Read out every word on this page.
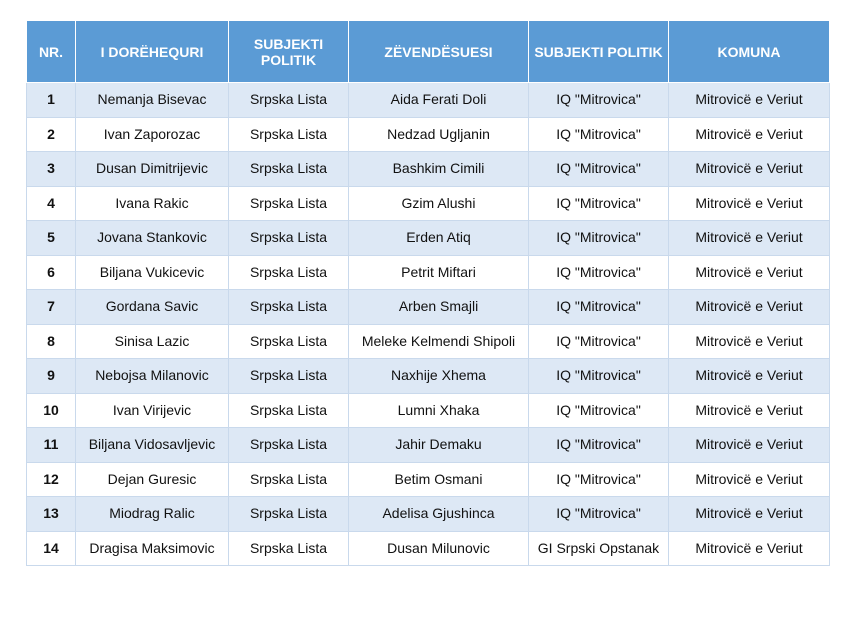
NR.	I DORËHEQURI	SUBJEKTI POLITIK	ZËVENDËSUESI	SUBJEKTI POLITIK	KOMUNA
1	Nemanja Bisevac	Srpska Lista	Aida Ferati Doli	IQ "Mitrovica"	Mitrovicë e Veriut
2	Ivan Zaporozac	Srpska Lista	Nedzad Ugljanin	IQ "Mitrovica"	Mitrovicë e Veriut
3	Dusan Dimitrijevic	Srpska Lista	Bashkim Cimili	IQ "Mitrovica"	Mitrovicë e Veriut
4	Ivana Rakic	Srpska Lista	Gzim Alushi	IQ "Mitrovica"	Mitrovicë e Veriut
5	Jovana Stankovic	Srpska Lista	Erden Atiq	IQ "Mitrovica"	Mitrovicë e Veriut
6	Biljana Vukicevic	Srpska Lista	Petrit Miftari	IQ "Mitrovica"	Mitrovicë e Veriut
7	Gordana Savic	Srpska Lista	Arben Smajli	IQ "Mitrovica"	Mitrovicë e Veriut
8	Sinisa Lazic	Srpska Lista	Meleke Kelmendi Shipoli	IQ "Mitrovica"	Mitrovicë e Veriut
9	Nebojsa Milanovic	Srpska Lista	Naxhije Xhema	IQ "Mitrovica"	Mitrovicë e Veriut
10	Ivan Virijevic	Srpska Lista	Lumni Xhaka	IQ "Mitrovica"	Mitrovicë e Veriut
11	Biljana Vidosavljevic	Srpska Lista	Jahir Demaku	IQ "Mitrovica"	Mitrovicë e Veriut
12	Dejan Guresic	Srpska Lista	Betim Osmani	IQ "Mitrovica"	Mitrovicë e Veriut
13	Miodrag Ralic	Srpska Lista	Adelisa Gjushinca	IQ "Mitrovica"	Mitrovicë e Veriut
14	Dragisa Maksimovic	Srpska Lista	Dusan Milunovic	GI Srpski Opstanak	Mitrovicë e Veriut
